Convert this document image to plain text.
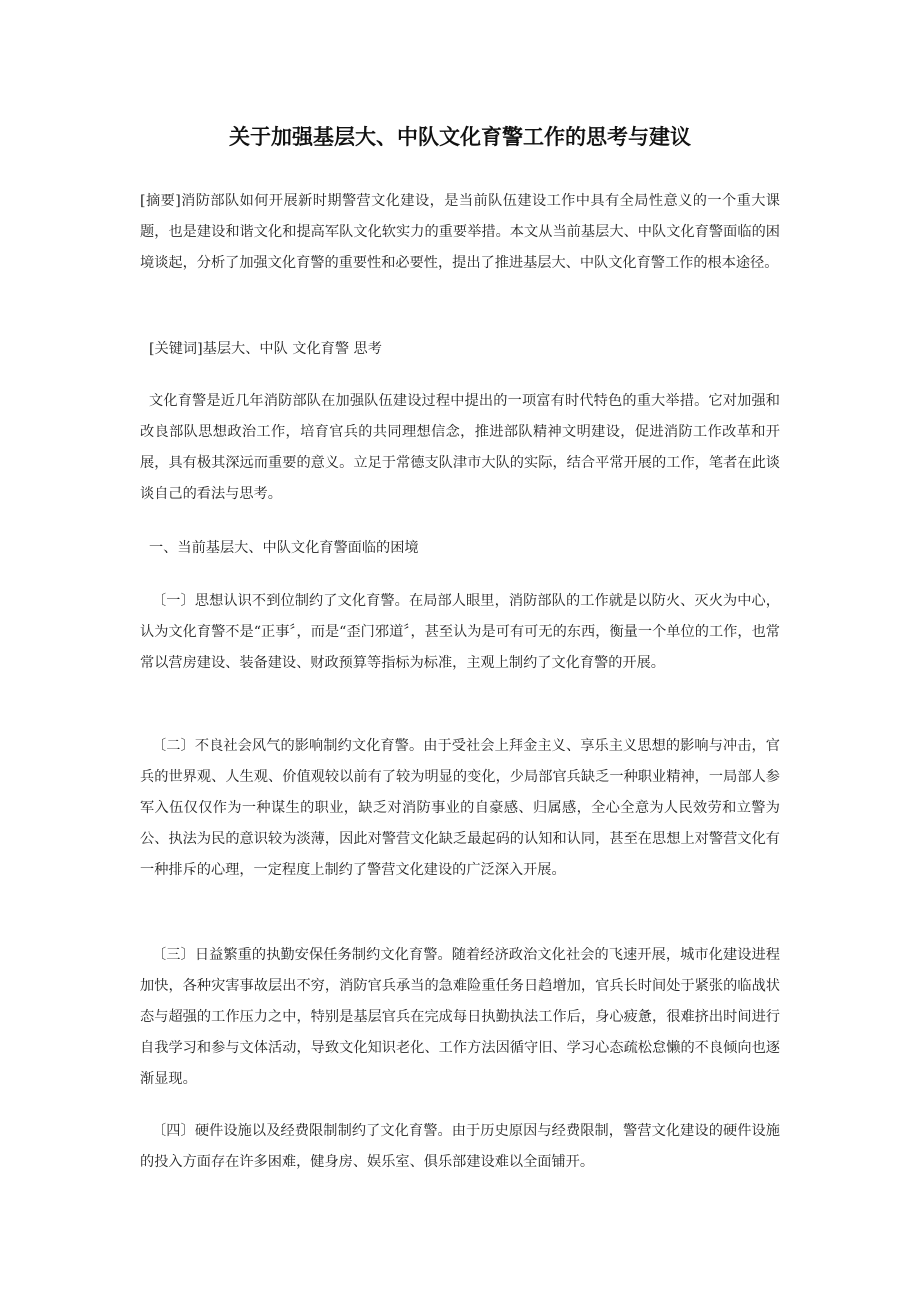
关于加强基层大、中队文化育警工作的思考与建议

[摘要]消防部队如何开展新时期警营文化建设，是当前队伍建设工作中具有全局性意义的一个重大课题，也是建设和谐文化和提高军队文化软实力的重要举措。本文从当前基层大、中队文化育警面临的困境谈起，分析了加强文化育警的重要性和必要性，提出了推进基层大、中队文化育警工作的根本途径。

[关键词]基层大、中队 文化育警 思考

文化育警是近几年消防部队在加强队伍建设过程中提出的一项富有时代特色的重大举措。它对加强和改良部队思想政治工作，培育官兵的共同理想信念，推进部队精神文明建设，促进消防工作改革和开展，具有极其深远而重要的意义。立足于常德支队津市大队的实际，结合平常开展的工作，笔者在此谈谈自己的看法与思考。

一、当前基层大、中队文化育警面临的困境

〔一〕思想认识不到位制约了文化育警。在局部人眼里，消防部队的工作就是以防火、灭火为中心，认为文化育警不是“正事〞，而是“歪门邪道〞，甚至认为是可有可无的东西，衡量一个单位的工作，也常常以营房建设、装备建设、财政预算等指标为标准，主观上制约了文化育警的开展。

〔二〕不良社会风气的影响制约文化育警。由于受社会上拜金主义、享乐主义思想的影响与冲击，官兵的世界观、人生观、价值观较以前有了较为明显的变化，少局部官兵缺乏一种职业精神，一局部人参军入伍仅仅作为一种谋生的职业，缺乏对消防事业的自豪感、归属感，全心全意为人民效劳和立警为公、执法为民的意识较为淡薄，因此对警营文化缺乏最起码的认知和认同，甚至在思想上对警营文化有一种排斥的心理，一定程度上制约了警营文化建设的广泛深入开展。

〔三〕日益繁重的执勤安保任务制约文化育警。随着经济政治文化社会的飞速开展，城市化建设进程加快，各种灾害事故层出不穷，消防官兵承当的急难险重任务日趋增加，官兵长时间处于紧张的临战状态与超强的工作压力之中，特别是基层官兵在完成每日执勤执法工作后，身心疲惫，很难挤出时间进行自我学习和参与文体活动，导致文化知识老化、工作方法因循守旧、学习心态疏松怠懒的不良倾向也逐渐显现。

〔四〕硬件设施以及经费限制制约了文化育警。由于历史原因与经费限制，警营文化建设的硬件设施的投入方面存在许多困难，健身房、娱乐室、俱乐部建设难以全面铺开。
